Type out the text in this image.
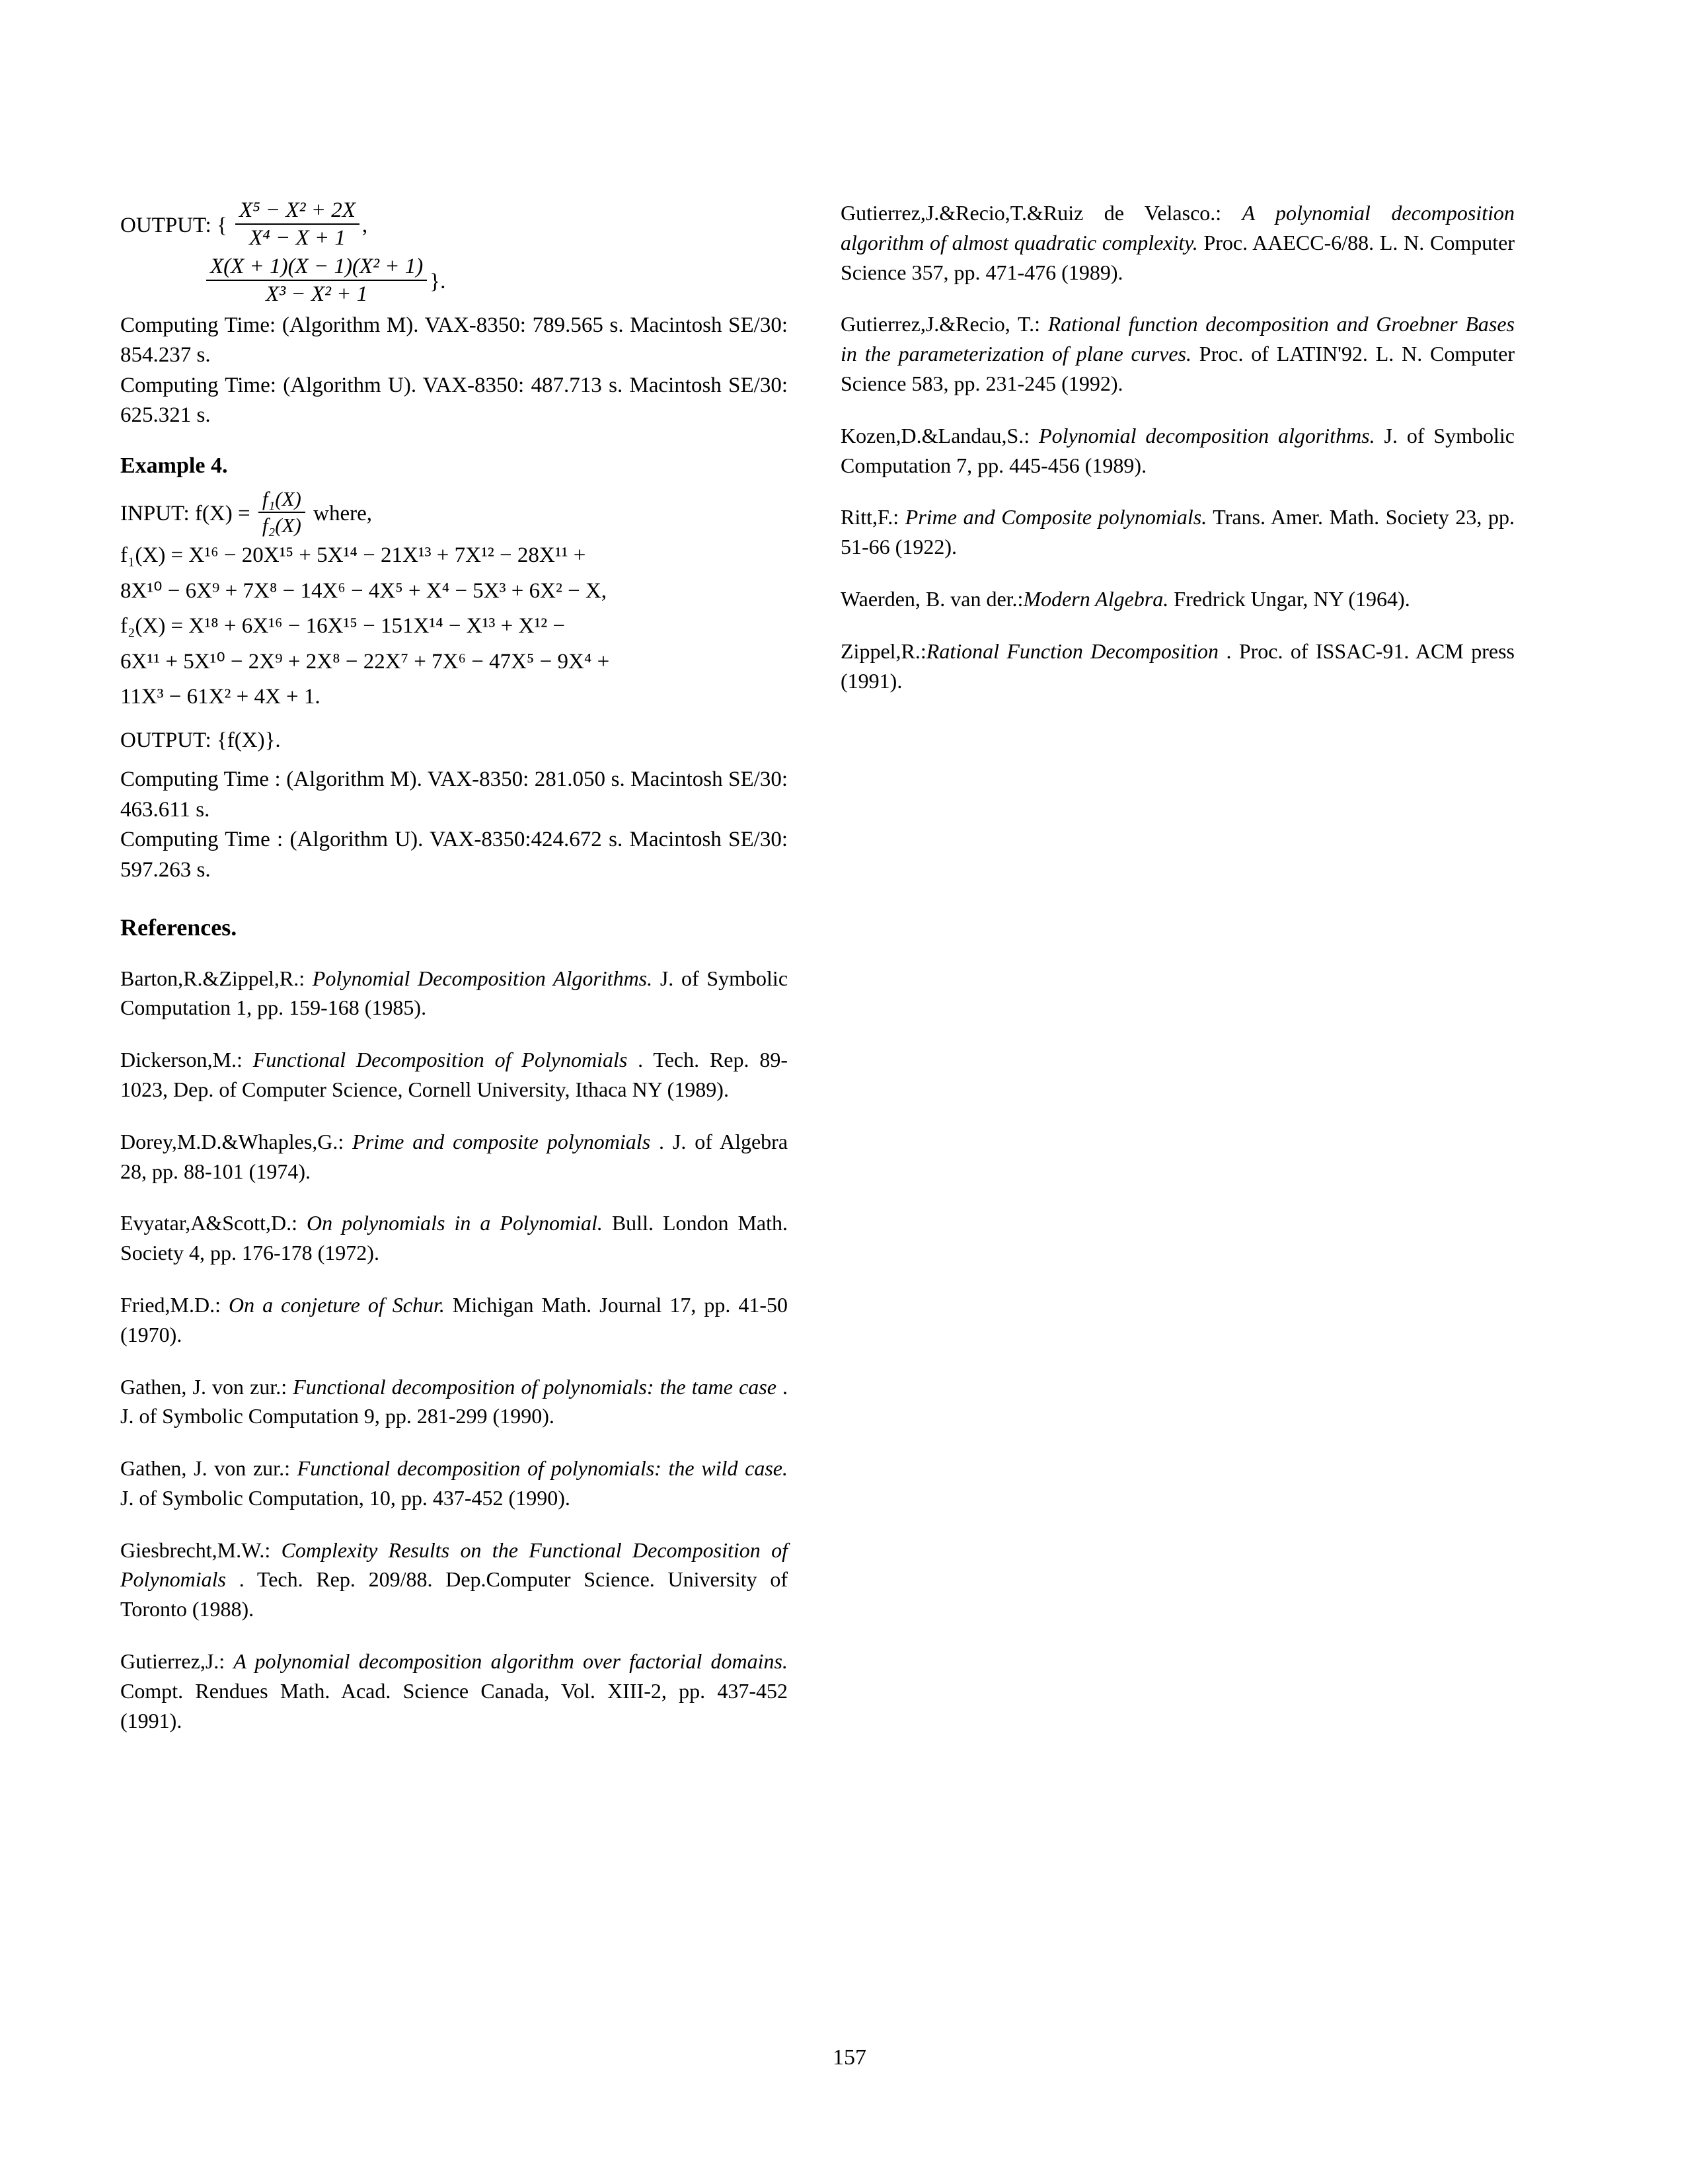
OUTPUT: { $\frac{\text{X⁵ − X² + 2X}}{\text{X⁴ − X + 1}}$ ,
$\frac{\text{X(X + 1)(X − 1)(X² + 1)}}{\text{X³ − X² + 1}}$ }.
Computing Time: (Algorithm M). VAX-8350: 789.565 s. Macintosh SE/30: 854.237 s.
Computing Time: (Algorithm U). VAX-8350: 487.713 s. Macintosh SE/30: 625.321 s.
Example 4.
INPUT: $f(X) = \frac{\text{f₁(X)}}{\text{f₂(X)}}$ where,
f₁(X) = X¹⁶ − 20X¹⁵ + 5X¹⁴ − 21X¹³ + 7X¹² − 28X¹¹ +
8X¹⁰ − 6X⁹ + 7X⁸ − 14X⁶ − 4X⁵ + X⁴ − 5X³ + 6X² − X,
f₂(X) = X¹⁸ + 6X¹⁶ − 16X¹⁵ − 151X¹⁴ − X¹³ + X¹² −
6X¹¹ + 5X¹⁰ − 2X⁹ + 2X⁸ − 22X⁷ + 7X⁶ − 47X⁵ − 9X⁴ +
11X³ − 61X² + 4X + 1.
OUTPUT: {f(X)}.
Computing Time : (Algorithm M). VAX-8350: 281.050 s. Macintosh SE/30: 463.611 s.
Computing Time : (Algorithm U). VAX-8350:424.672 s. Macintosh SE/30: 597.263 s.
References.
Barton,R.&Zippel,R.: Polynomial Decomposition Algorithms. J. of Symbolic Computation 1, pp. 159-168 (1985).
Dickerson,M.: Functional Decomposition of Polynomials . Tech. Rep. 89-1023, Dep. of Computer Science, Cornell University, Ithaca NY (1989).
Dorey,M.D.&Whaples,G.: Prime and composite polynomials . J. of Algebra 28, pp. 88-101 (1974).
Evyatar,A&Scott,D.: On polynomials in a Polynomial. Bull. London Math. Society 4, pp. 176-178 (1972).
Fried,M.D.: On a conjeture of Schur. Michigan Math. Journal 17, pp. 41-50 (1970).
Gathen, J. von zur.: Functional decomposition of polynomials: the tame case . J. of Symbolic Computation 9, pp. 281-299 (1990).
Gathen, J. von zur.: Functional decomposition of polynomials: the wild case. J. of Symbolic Computation, 10, pp. 437-452 (1990).
Giesbrecht,M.W.: Complexity Results on the Functional Decomposition of Polynomials . Tech. Rep. 209/88. Dep.Computer Science. University of Toronto (1988).
Gutierrez,J.: A polynomial decomposition algorithm over factorial domains. Compt. Rendues Math. Acad. Science Canada, Vol. XIII-2, pp. 437-452 (1991).
Gutierrez,J.&Recio,T.&Ruiz de Velasco.: A polynomial decomposition algorithm of almost quadratic complexity. Proc. AAECC-6/88. L. N. Computer Science 357, pp. 471-476 (1989).
Gutierrez,J.&Recio, T.: Rational function decomposition and Groebner Bases in the parameterization of plane curves. Proc. of LATIN'92. L. N. Computer Science 583, pp. 231-245 (1992).
Kozen,D.&Landau,S.: Polynomial decomposition algorithms. J. of Symbolic Computation 7, pp. 445-456 (1989).
Ritt,F.: Prime and Composite polynomials. Trans. Amer. Math. Society 23, pp. 51-66 (1922).
Waerden, B. van der.:Modern Algebra. Fredrick Ungar, NY (1964).
Zippel,R.:Rational Function Decomposition . Proc. of ISSAC-91. ACM press (1991).
157
